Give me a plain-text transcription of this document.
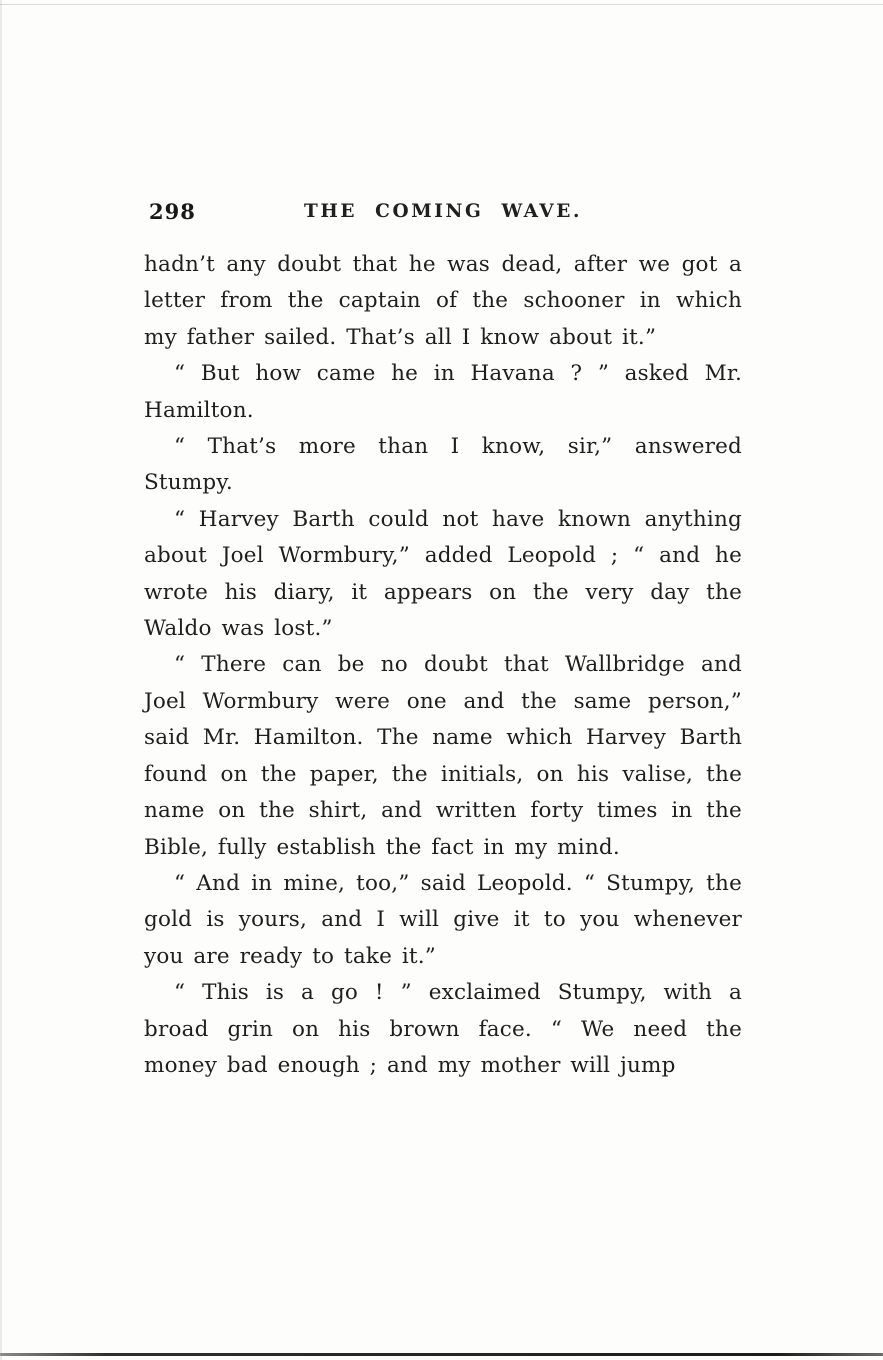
298	THE COMING WAVE.

hadn’t any doubt that he was dead, after we got a letter from the captain of the schooner in which my father sailed. That’s all I know about it.”

“ But how came he in Havana ? ” asked Mr. Hamilton.

“ That’s more than I know, sir,” answered Stumpy.

“ Harvey Barth could not have known anything about Joel Wormbury,” added Leopold ; “ and he wrote his diary, it appears on the very day the Waldo was lost.”

“ There can be no doubt that Wallbridge and Joel Wormbury were one and the same person,” said Mr. Hamilton. The name which Harvey Barth found on the paper, the initials, on his valise, the name on the shirt, and written forty times in the Bible, fully establish the fact in my mind.

“ And in mine, too,” said Leopold. “ Stumpy, the gold is yours, and I will give it to you whenever you are ready to take it.”

“ This is a go ! ” exclaimed Stumpy, with a broad grin on his brown face. “ We need the money bad enough ; and my mother will jump
